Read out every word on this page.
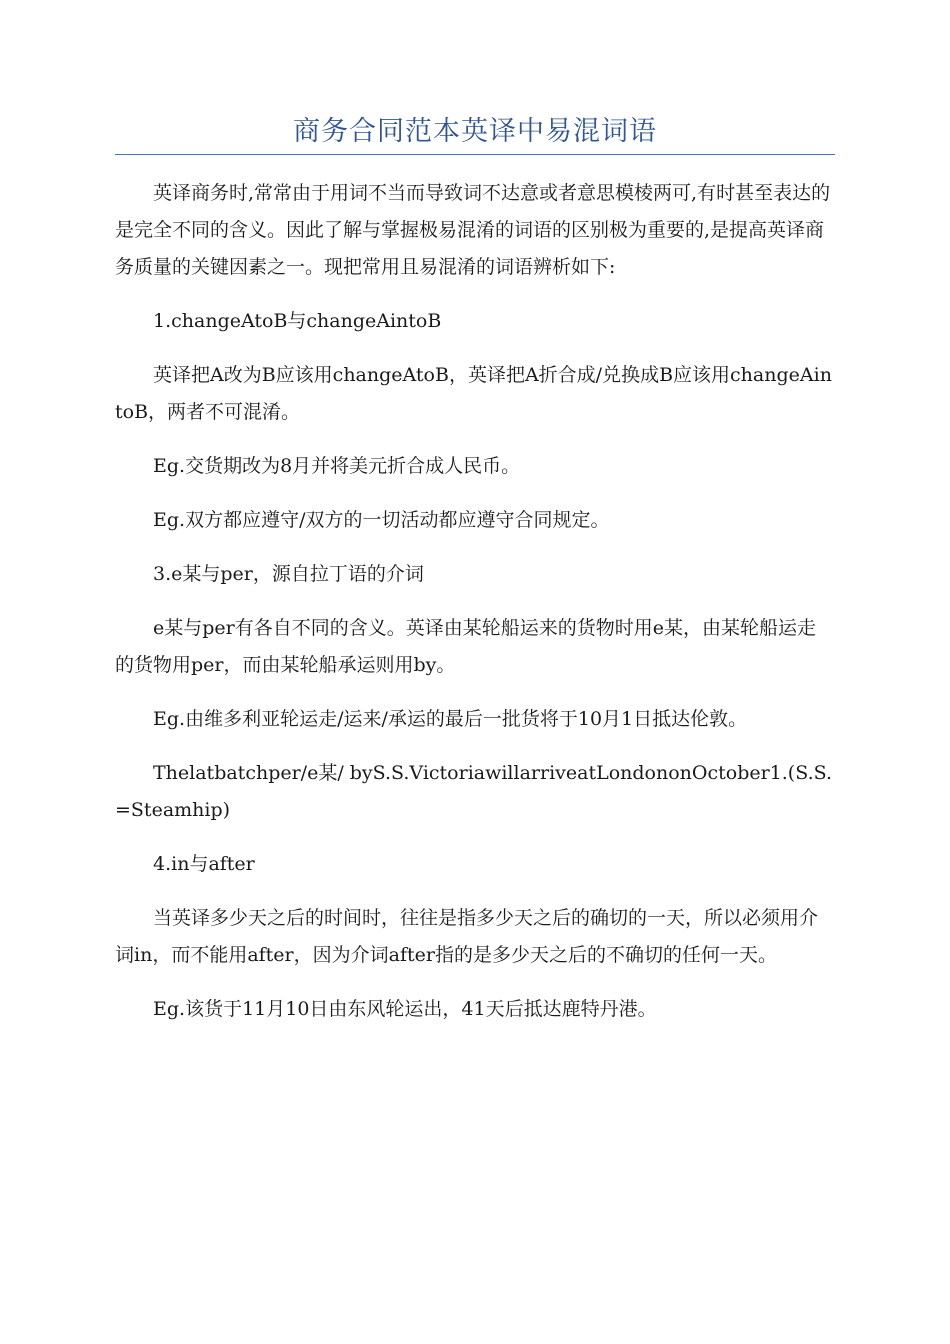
商务合同范本英译中易混词语

英译商务时,常常由于用词不当而导致词不达意或者意思模棱两可,有时甚至表达的是完全不同的含义。因此了解与掌握极易混淆的词语的区别极为重要的,是提高英译商务质量的关键因素之一。现把常用且易混淆的词语辨析如下:

1.changeAtoB与changeAintoB

英译把A改为B应该用changeAtoB，英译把A折合成/兑换成B应该用changeAintoB，两者不可混淆。

Eg.交货期改为8月并将美元折合成人民币。

Eg.双方都应遵守/双方的一切活动都应遵守合同规定。

3.e某与per，源自拉丁语的介词

e某与per有各自不同的含义。英译由某轮船运来的货物时用e某，由某轮船运走的货物用per，而由某轮船承运则用by。

Eg.由维多利亚轮运走/运来/承运的最后一批货将于10月1日抵达伦敦。

Thelatbatchper/e某/ byS.S.VictoriawillarriveatLondononOctober1.(S.S.=Steamhip)

4.in与after

当英译多少天之后的时间时，往往是指多少天之后的确切的一天，所以必须用介词in，而不能用after，因为介词after指的是多少天之后的不确切的任何一天。

Eg.该货于11月10日由东风轮运出，41天后抵达鹿特丹港。
